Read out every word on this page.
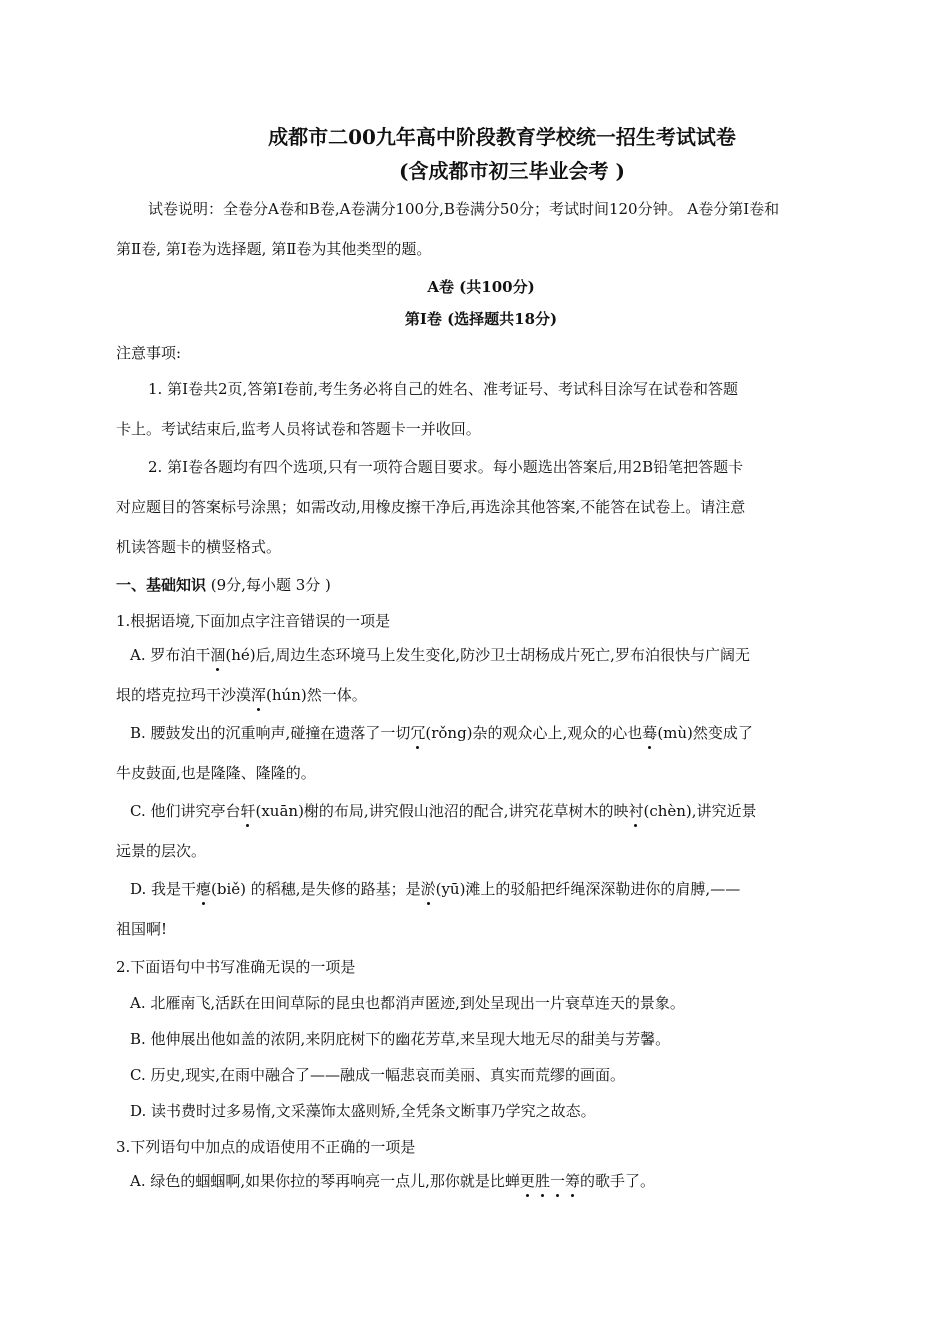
成都市二00九年高中阶段教育学校统一招生考试试卷
(含成都市初三毕业会考 )
试卷说明：全卷分A卷和B卷,A卷满分100分,B卷满分50分；考试时间120分钟。 A卷分第Ⅰ卷和
第Ⅱ卷, 第Ⅰ卷为选择题, 第Ⅱ卷为其他类型的题。
A卷 (共100分)
第Ⅰ卷 (选择题共18分)
注意事项:
1. 第Ⅰ卷共2页,答第Ⅰ卷前,考生务必将自己的姓名、准考证号、考试科目涂写在试卷和答题
卡上。考试结束后,监考人员将试卷和答题卡一并收回。
2. 第Ⅰ卷各题均有四个选项,只有一项符合题目要求。每小题选出答案后,用2B铅笔把答题卡
对应题目的答案标号涂黑；如需改动,用橡皮擦干净后,再选涂其他答案,不能答在试卷上。请注意
机读答题卡的横竖格式。
一、基础知识 (9分,每小题 3分 )
1.根据语境,下面加点字注音错误的一项是
A. 罗布泊干涸(hé)后,周边生态环境马上发生变化,防沙卫士胡杨成片死亡,罗布泊很快与广阔无
垠的塔克拉玛干沙漠浑(hún)然一体。
B. 腰鼓发出的沉重响声,碰撞在遗落了一切冗(rǒng)杂的观众心上,观众的心也蓦(mù)然变成了
牛皮鼓面,也是隆隆、隆隆的。
C. 他们讲究亭台轩(xuān)榭的布局,讲究假山池沼的配合,讲究花草树木的映衬(chèn),讲究近景
远景的层次。
D. 我是干瘪(biě) 的稻穗,是失修的路基；是淤(yū)滩上的驳船把纤绳深深勒进你的肩膊,——
祖国啊!
2.下面语句中书写准确无误的一项是
A. 北雁南飞,活跃在田间草际的昆虫也都消声匿迹,到处呈现出一片衰草连天的景象。
B. 他伸展出他如盖的浓阴,来阴庇树下的幽花芳草,来呈现大地无尽的甜美与芳馨。
C. 历史,现实,在雨中融合了——融成一幅悲哀而美丽、真实而荒缪的画面。
D. 读书费时过多易惰,文采藻饰太盛则矫,全凭条文断事乃学究之故态。
3.下列语句中加点的成语使用不正确的一项是
A. 绿色的蝈蝈啊,如果你拉的琴再响亮一点儿,那你就是比蝉更胜一筹的歌手了。
